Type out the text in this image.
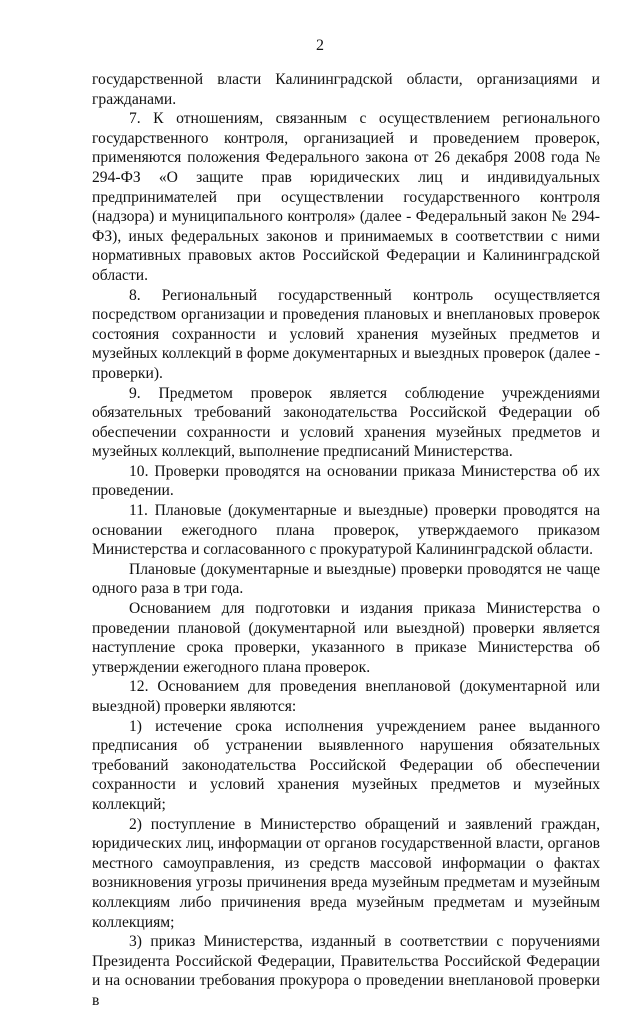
2

государственной власти Калининградской области, организациями и гражданами.

7. К отношениям, связанным с осуществлением регионального государственного контроля, организацией и проведением проверок, применяются положения Федерального закона от 26 декабря 2008 года № 294-ФЗ «О защите прав юридических лиц и индивидуальных предпринимателей при осуществлении государственного контроля (надзора) и муниципального контроля» (далее - Федеральный закон № 294-ФЗ), иных федеральных законов и принимаемых в соответствии с ними нормативных правовых актов Российской Федерации и Калининградской области.

8. Региональный государственный контроль осуществляется посредством организации и проведения плановых и внеплановых проверок состояния сохранности и условий хранения музейных предметов и музейных коллекций в форме документарных и выездных проверок (далее - проверки).

9. Предметом проверок является соблюдение учреждениями обязательных требований законодательства Российской Федерации об обеспечении сохранности и условий хранения музейных предметов и музейных коллекций, выполнение предписаний Министерства.

10. Проверки проводятся на основании приказа Министерства об их проведении.

11. Плановые (документарные и выездные) проверки проводятся на основании ежегодного плана проверок, утверждаемого приказом Министерства и согласованного с прокуратурой Калининградской области.

Плановые (документарные и выездные) проверки проводятся не чаще одного раза в три года.

Основанием для подготовки и издания приказа Министерства о проведении плановой (документарной или выездной) проверки является наступление срока проверки, указанного в приказе Министерства об утверждении ежегодного плана проверок.

12. Основанием для проведения внеплановой (документарной или выездной) проверки являются:

1) истечение срока исполнения учреждением ранее выданного предписания об устранении выявленного нарушения обязательных требований законодательства Российской Федерации об обеспечении сохранности и условий хранения музейных предметов и музейных коллекций;

2) поступление в Министерство обращений и заявлений граждан, юридических лиц, информации от органов государственной власти, органов местного самоуправления, из средств массовой информации о фактах возникновения угрозы причинения вреда музейным предметам и музейным коллекциям либо причинения вреда музейным предметам и музейным коллекциям;

3) приказ Министерства, изданный в соответствии с поручениями Президента Российской Федерации, Правительства Российской Федерации и на основании требования прокурора о проведении внеплановой проверки в
